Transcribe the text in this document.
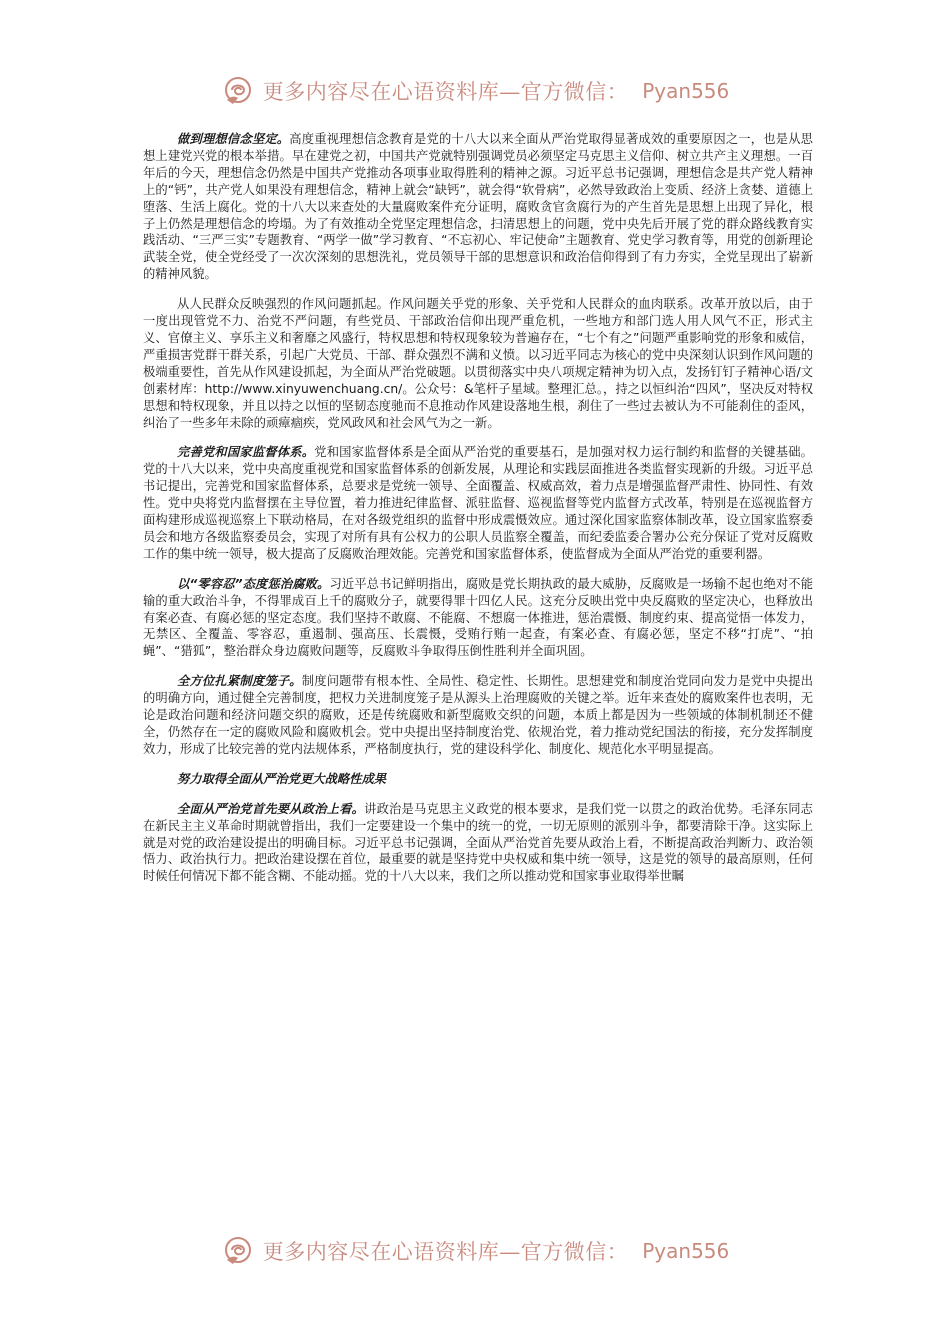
更多内容尽在心语资料库—官方微信： Pyan556

做到理想信念坚定。高度重视理想信念教育是党的十八大以来全面从严治党取得显著成效的重要原因之一，也是从思想上建党兴党的根本举措。早在建党之初，中国共产党就特别强调党员必须坚定马克思主义信仰、树立共产主义理想。一百年后的今天，理想信念仍然是中国共产党推动各项事业取得胜利的精神之源。习近平总书记强调，理想信念是共产党人精神上的“钙”，共产党人如果没有理想信念，精神上就会“缺钙”，就会得“软骨病”，必然导致政治上变质、经济上贪婪、道德上堕落、生活上腐化。党的十八大以来查处的大量腐败案件充分证明，腐败贪官贪腐行为的产生首先是思想上出现了异化，根子上仍然是理想信念的垮塌。为了有效推动全党坚定理想信念，扫清思想上的问题，党中央先后开展了党的群众路线教育实践活动、“三严三实”专题教育、“两学一做”学习教育、“不忘初心、牢记使命”主题教育、党史学习教育等，用党的创新理论武装全党，使全党经受了一次次深刻的思想洗礼，党员领导干部的思想意识和政治信仰得到了有力夯实，全党呈现出了崭新的精神风貌。

从人民群众反映强烈的作风问题抓起。作风问题关乎党的形象、关乎党和人民群众的血肉联系。改革开放以后，由于一度出现管党不力、治党不严问题，有些党员、干部政治信仰出现严重危机，一些地方和部门选人用人风气不正，形式主义、官僚主义、享乐主义和奢靡之风盛行，特权思想和特权现象较为普遍存在，“七个有之”问题严重影响党的形象和威信，严重损害党群干群关系，引起广大党员、干部、群众强烈不满和义愤。以习近平同志为核心的党中央深刻认识到作风问题的极端重要性，首先从作风建设抓起，为全面从严治党破题。以贯彻落实中央八项规定精神为切入点，发扬钉钉子精神心语/文创素材库：http://www.xinyuwenchuang.cn/。公众号：&笔杆子星域。整理汇总。，持之以恒纠治“四风”，坚决反对特权思想和特权现象，并且以持之以恒的坚韧态度驰而不息推动作风建设落地生根，刹住了一些过去被认为不可能刹住的歪风，纠治了一些多年未除的顽瘴痼疾，党风政风和社会风气为之一新。

完善党和国家监督体系。党和国家监督体系是全面从严治党的重要基石，是加强对权力运行制约和监督的关键基础。党的十八大以来，党中央高度重视党和国家监督体系的创新发展，从理论和实践层面推进各类监督实现新的升级。习近平总书记提出，完善党和国家监督体系，总要求是党统一领导、全面覆盖、权威高效，着力点是增强监督严肃性、协同性、有效性。党中央将党内监督摆在主导位置，着力推进纪律监督、派驻监督、巡视监督等党内监督方式改革，特别是在巡视监督方面构建形成巡视巡察上下联动格局，在对各级党组织的监督中形成震慑效应。通过深化国家监察体制改革，设立国家监察委员会和地方各级监察委员会，实现了对所有具有公权力的公职人员监察全覆盖，而纪委监委合署办公充分保证了党对反腐败工作的集中统一领导，极大提高了反腐败治理效能。完善党和国家监督体系，使监督成为全面从严治党的重要利器。

以“零容忍”态度惩治腐败。习近平总书记鲜明指出，腐败是党长期执政的最大威胁，反腐败是一场输不起也绝对不能输的重大政治斗争，不得罪成百上千的腐败分子，就要得罪十四亿人民。这充分反映出党中央反腐败的坚定决心，也释放出有案必查、有腐必惩的坚定态度。我们坚持不敢腐、不能腐、不想腐一体推进，惩治震慑、制度约束、提高觉悟一体发力，无禁区、全覆盖、零容忍，重遏制、强高压、长震慑，受贿行贿一起查，有案必查、有腐必惩，坚定不移“打虎”、“拍蝇”、“猎狐”，整治群众身边腐败问题等，反腐败斗争取得压倒性胜利并全面巩固。

全方位扎紧制度笼子。制度问题带有根本性、全局性、稳定性、长期性。思想建党和制度治党同向发力是党中央提出的明确方向，通过健全完善制度，把权力关进制度笼子是从源头上治理腐败的关键之举。近年来查处的腐败案件也表明，无论是政治问题和经济问题交织的腐败，还是传统腐败和新型腐败交织的问题，本质上都是因为一些领域的体制机制还不健全，仍然存在一定的腐败风险和腐败机会。党中央提出坚持制度治党、依规治党，着力推动党纪国法的衔接，充分发挥制度效力，形成了比较完善的党内法规体系，严格制度执行，党的建设科学化、制度化、规范化水平明显提高。

努力取得全面从严治党更大战略性成果

全面从严治党首先要从政治上看。讲政治是马克思主义政党的根本要求，是我们党一以贯之的政治优势。毛泽东同志在新民主主义革命时期就曾指出，我们一定要建设一个集中的统一的党，一切无原则的派别斗争，都要清除干净。这实际上就是对党的政治建设提出的明确目标。习近平总书记强调，全面从严治党首先要从政治上看，不断提高政治判断力、政治领悟力、政治执行力。把政治建设摆在首位，最重要的就是坚持党中央权威和集中统一领导，这是党的领导的最高原则，任何时候任何情况下都不能含糊、不能动摇。党的十八大以来，我们之所以推动党和国家事业取得举世瞩

更多内容尽在心语资料库—官方微信： Pyan556
